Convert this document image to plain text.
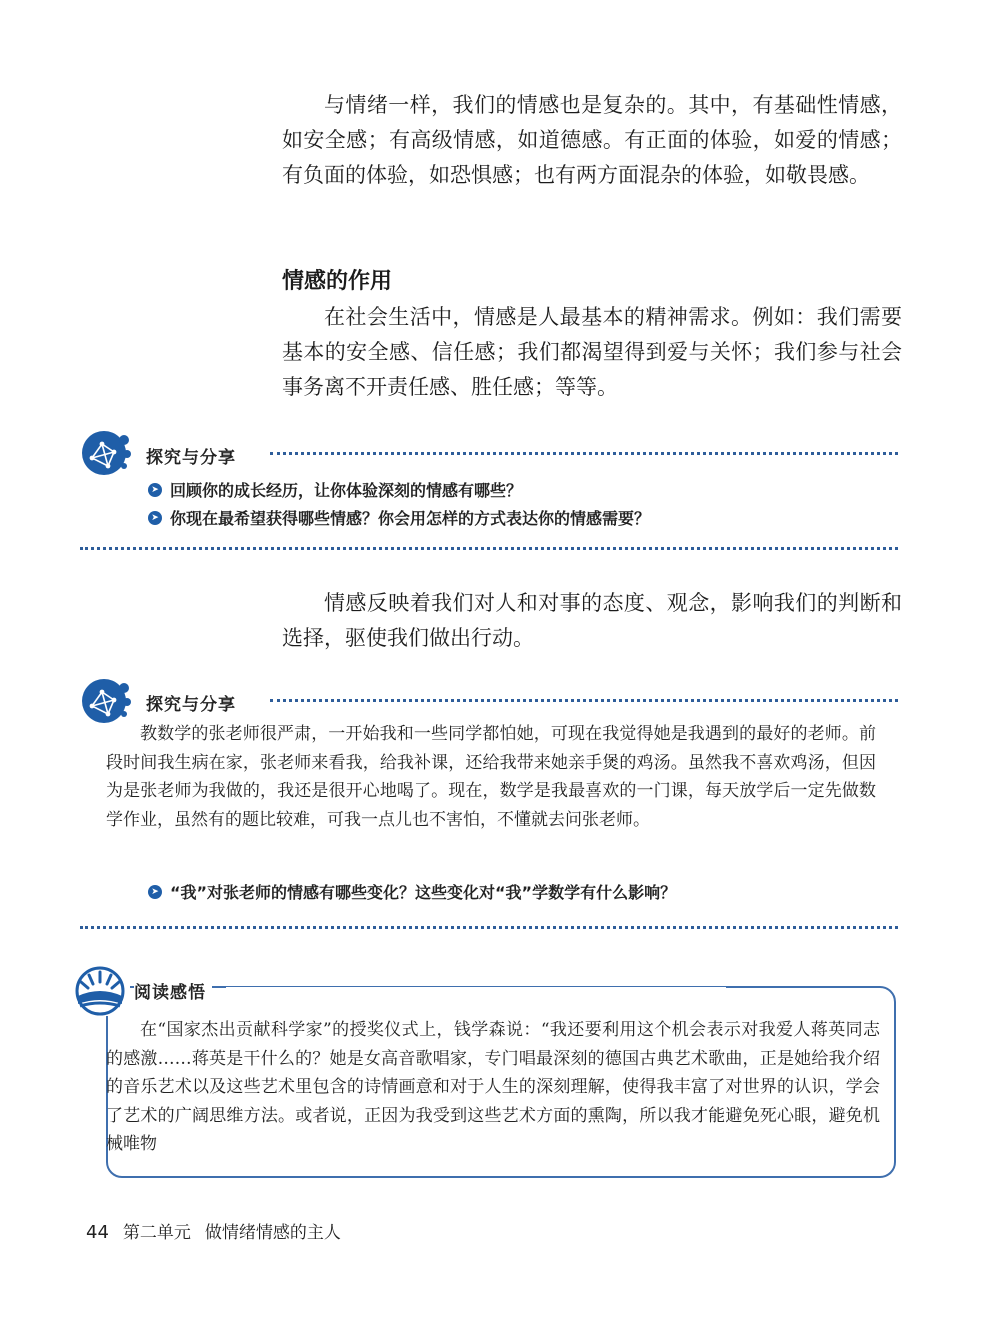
与情绪一样，我们的情感也是复杂的。其中，有基础性情感，如安全感；有高级情感，如道德感。有正面的体验，如爱的情感；有负面的体验，如恐惧感；也有两方面混杂的体验，如敬畏感。

情感的作用

在社会生活中，情感是人最基本的精神需求。例如：我们需要基本的安全感、信任感；我们都渴望得到爱与关怀；我们参与社会事务离不开责任感、胜任感；等等。

探究与分享
➤ 回顾你的成长经历，让你体验深刻的情感有哪些？
➤ 你现在最希望获得哪些情感？你会用怎样的方式表达你的情感需要？

情感反映着我们对人和对事的态度、观念，影响我们的判断和选择，驱使我们做出行动。

探究与分享

教数学的张老师很严肃，一开始我和一些同学都怕她，可现在我觉得她是我遇到的最好的老师。前段时间我生病在家，张老师来看我，给我补课，还给我带来她亲手煲的鸡汤。虽然我不喜欢鸡汤，但因为是张老师为我做的，我还是很开心地喝了。现在，数学是我最喜欢的一门课，每天放学后一定先做数学作业，虽然有的题比较难，可我一点儿也不害怕，不懂就去问张老师。

➤ “我”对张老师的情感有哪些变化？这些变化对“我”学数学有什么影响？
阅读感悟

在“国家杰出贡献科学家”的授奖仪式上，钱学森说：“我还要利用这个机会表示对我爱人蒋英同志的感激……蒋英是干什么的？她是女高音歌唱家，专门唱最深刻的德国古典艺术歌曲，正是她给我介绍的音乐艺术以及这些艺术里包含的诗情画意和对于人生的深刻理解，使得我丰富了对世界的认识，学会了艺术的广阔思维方法。或者说，正因为我受到这些艺术方面的熏陶，所以我才能避免死心眼，避免机械唯物

44 第二单元 做情绪情感的主人
